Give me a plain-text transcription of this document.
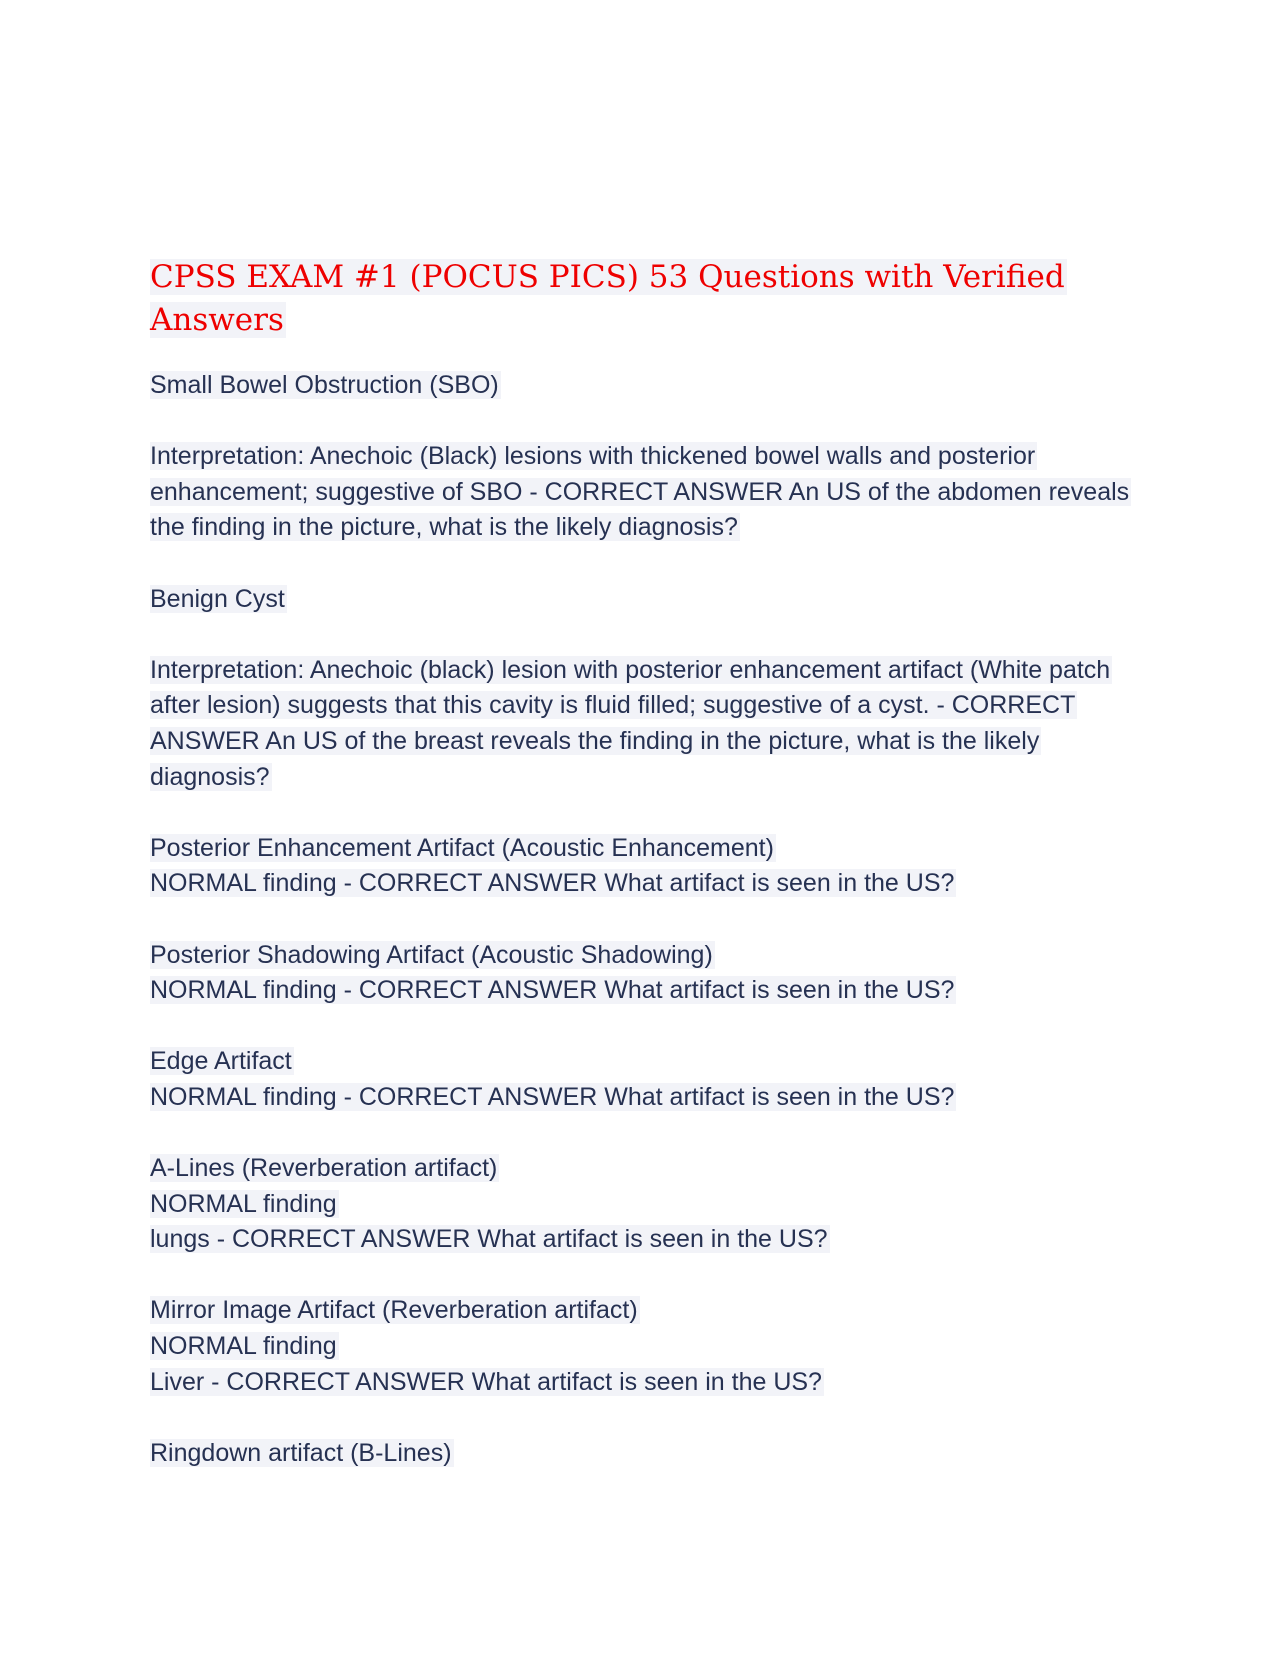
CPSS EXAM #1 (POCUS PICS) 53 Questions with Verified Answers
Small Bowel Obstruction (SBO)
Interpretation: Anechoic (Black) lesions with thickened bowel walls and posterior enhancement; suggestive of SBO - CORRECT ANSWER An US of the abdomen reveals the finding in the picture, what is the likely diagnosis?
Benign Cyst
Interpretation: Anechoic (black) lesion with posterior enhancement artifact (White patch after lesion) suggests that this cavity is fluid filled; suggestive of a cyst. - CORRECT ANSWER An US of the breast reveals the finding in the picture, what is the likely diagnosis?
Posterior Enhancement Artifact (Acoustic Enhancement)
NORMAL finding - CORRECT ANSWER What artifact is seen in the US?
Posterior Shadowing Artifact (Acoustic Shadowing)
NORMAL finding - CORRECT ANSWER What artifact is seen in the US?
Edge Artifact
NORMAL finding - CORRECT ANSWER What artifact is seen in the US?
A-Lines (Reverberation artifact)
NORMAL finding
lungs - CORRECT ANSWER What artifact is seen in the US?
Mirror Image Artifact (Reverberation artifact)
NORMAL finding
Liver - CORRECT ANSWER What artifact is seen in the US?
Ringdown artifact (B-Lines)
